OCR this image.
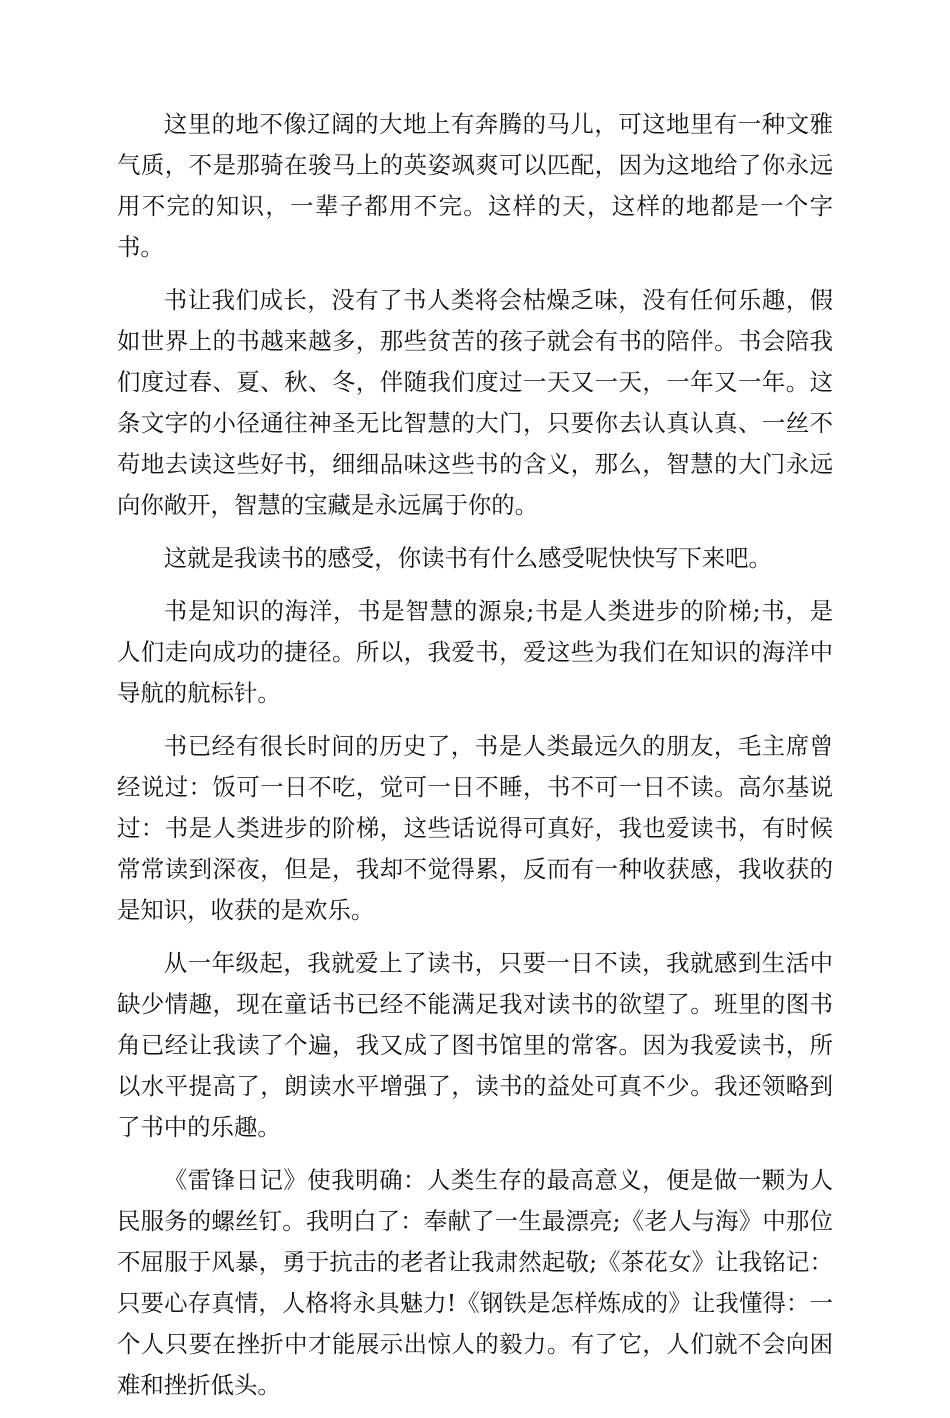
这里的地不像辽阔的大地上有奔腾的马儿，可这地里有一种文雅气质，不是那骑在骏马上的英姿飒爽可以匹配，因为这地给了你永远用不完的知识，一辈子都用不完。这样的天，这样的地都是一个字书。

书让我们成长，没有了书人类将会枯燥乏味，没有任何乐趣，假如世界上的书越来越多，那些贫苦的孩子就会有书的陪伴。书会陪我们度过春、夏、秋、冬，伴随我们度过一天又一天，一年又一年。这条文字的小径通往神圣无比智慧的大门，只要你去认真认真、一丝不苟地去读这些好书，细细品味这些书的含义，那么，智慧的大门永远向你敞开，智慧的宝藏是永远属于你的。

这就是我读书的感受，你读书有什么感受呢快快写下来吧。

书是知识的海洋，书是智慧的源泉;书是人类进步的阶梯;书，是人们走向成功的捷径。所以，我爱书，爱这些为我们在知识的海洋中导航的航标针。

书已经有很长时间的历史了，书是人类最远久的朋友，毛主席曾经说过：饭可一日不吃，觉可一日不睡，书不可一日不读。高尔基说过：书是人类进步的阶梯，这些话说得可真好，我也爱读书，有时候常常读到深夜，但是，我却不觉得累，反而有一种收获感，我收获的是知识，收获的是欢乐。

从一年级起，我就爱上了读书，只要一日不读，我就感到生活中缺少情趣，现在童话书已经不能满足我对读书的欲望了。班里的图书角已经让我读了个遍，我又成了图书馆里的常客。因为我爱读书，所以水平提高了，朗读水平增强了，读书的益处可真不少。我还领略到了书中的乐趣。

《雷锋日记》使我明确：人类生存的最高意义，便是做一颗为人民服务的螺丝钉。我明白了：奉献了一生最漂亮;《老人与海》中那位不屈服于风暴，勇于抗击的老者让我肃然起敬;《茶花女》让我铭记：只要心存真情，人格将永具魅力!《钢铁是怎样炼成的》让我懂得：一个人只要在挫折中才能展示出惊人的毅力。有了它，人们就不会向困难和挫折低头。
